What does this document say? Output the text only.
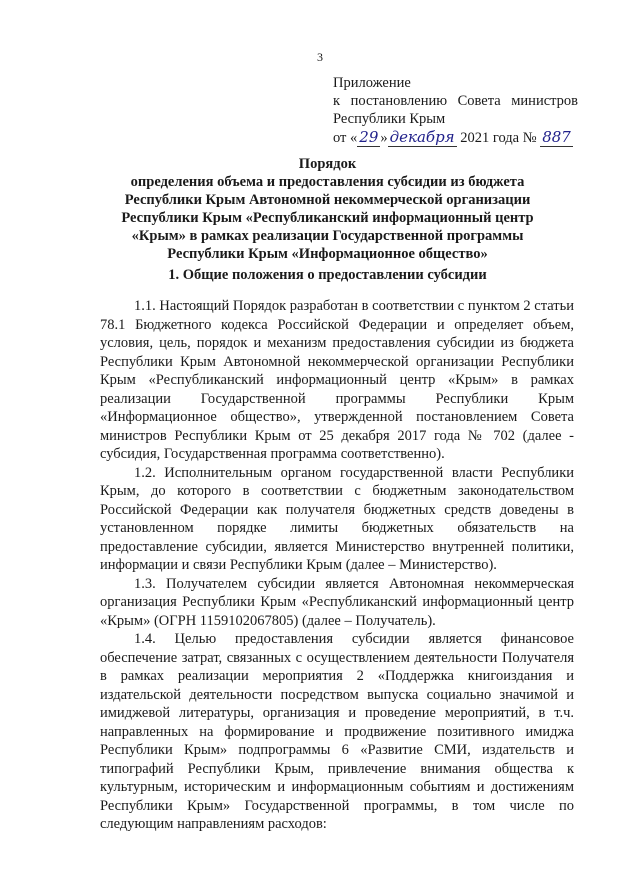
3
Приложение
к постановлению Совета министров
Республики Крым
от « 29 » декабря 2021 года № 887
Порядок
определения объема и предоставления субсидии из бюджета Республики Крым Автономной некоммерческой организации Республики Крым «Республиканский информационный центр «Крым» в рамках реализации Государственной программы Республики Крым «Информационное общество»
1. Общие положения о предоставлении субсидии

1.1. Настоящий Порядок разработан в соответствии с пунктом 2 статьи 78.1 Бюджетного кодекса Российской Федерации и определяет объем, условия, цель, порядок и механизм предоставления субсидии из бюджета Республики Крым Автономной некоммерческой организации Республики Крым «Республиканский информационный центр «Крым» в рамках реализации Государственной программы Республики Крым «Информационное общество», утвержденной постановлением Совета министров Республики Крым от 25 декабря 2017 года № 702 (далее - субсидия, Государственная программа соответственно).

1.2. Исполнительным органом государственной власти Республики Крым, до которого в соответствии с бюджетным законодательством Российской Федерации как получателя бюджетных средств доведены в установленном порядке лимиты бюджетных обязательств на предоставление субсидии, является Министерство внутренней политики, информации и связи Республики Крым (далее – Министерство).

1.3. Получателем субсидии является Автономная некоммерческая организация Республики Крым «Республиканский информационный центр «Крым» (ОГРН 1159102067805) (далее – Получатель).

1.4. Целью предоставления субсидии является финансовое обеспечение затрат, связанных с осуществлением деятельности Получателя в рамках реализации мероприятия 2 «Поддержка книгоиздания и издательской деятельности посредством выпуска социально значимой и имиджевой литературы, организация и проведение мероприятий, в т.ч. направленных на формирование и продвижение позитивного имиджа Республики Крым» подпрограммы 6 «Развитие СМИ, издательств и типографий Республики Крым, привлечение внимания общества к культурным, историческим и информационным событиям и достижениям Республики Крым» Государственной программы, в том числе по следующим направлениям расходов:
